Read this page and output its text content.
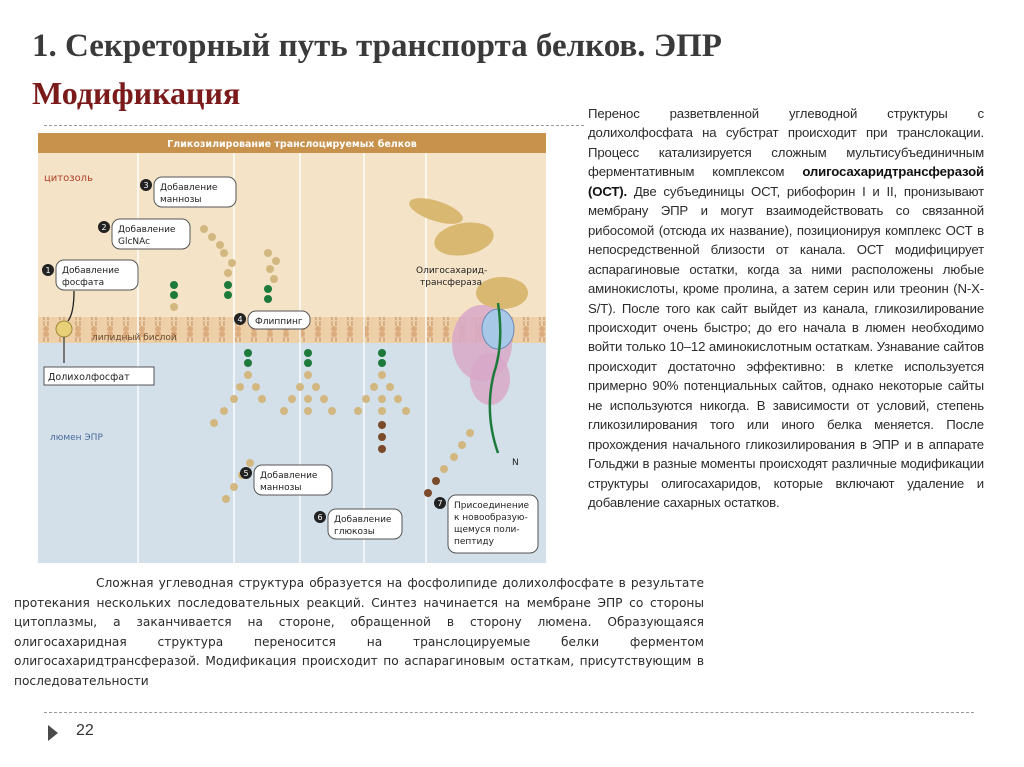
1. Секреторный путь транспорта белков. ЭПР
Модификация
Гликозилирование транслоцируемых белков
цитозоль
люмен ЭПР
липидный бислой
Долихолфосфат
1 Добавление
фосфата
2 Добавление
GlcNAc
3 Добавление
маннозы
4 Флиппинг
5 Добавление
маннозы
6 Добавление
глюкозы
Олигосахарид-
трансфераза
N
7 Присоединение
к новообразую-
щемуся поли-
пептиду

Перенос разветвленной углеводной структуры с долихолфосфата на субстрат происходит при транслокации. Процесс катализируется сложным мультисубъединичным ферментативным комплексом олигосахаридтрансферазой (ОСТ). Две субъединицы ОСТ, рибофорин I и II, пронизывают мембрану ЭПР и могут взаимодействовать со связанной рибосомой (отсюда их название), позиционируя комплекс ОСТ в непосредственной близости от канала. ОСТ модифицирует аспарагиновые остатки, когда за ними расположены любые аминокислоты, кроме пролина, а затем серин или треонин (N-X-S/T). После того как сайт выйдет из канала, гликозилирование происходит очень быстро; до его начала в люмен необходимо войти только 10–12 аминокислотным остаткам. Узнавание сайтов происходит достаточно эффективно: в клетке используется примерно 90% потенциальных сайтов, однако некоторые сайты не используются никогда. В зависимости от условий, степень гликозилирования того или иного белка меняется. После прохождения начального гликозилирования в ЭПР и в аппарате Гольджи в разные моменты происходят различные модификации структуры олигосахаридов, которые включают удаление и добавление сахарных остатков.

Сложная углеводная структура образуется на фосфолипиде долихолфосфате в результате протекания нескольких последовательных реакций. Синтез начинается на мембране ЭПР со стороны цитоплазмы, а заканчивается на стороне, обращенной в сторону люмена. Образующаяся олигосахаридная структура переносится на транслоцируемые белки ферментом олигосахаридтрансферазой. Модификация происходит по аспарагиновым остаткам, присутствующим в последовательности

22
